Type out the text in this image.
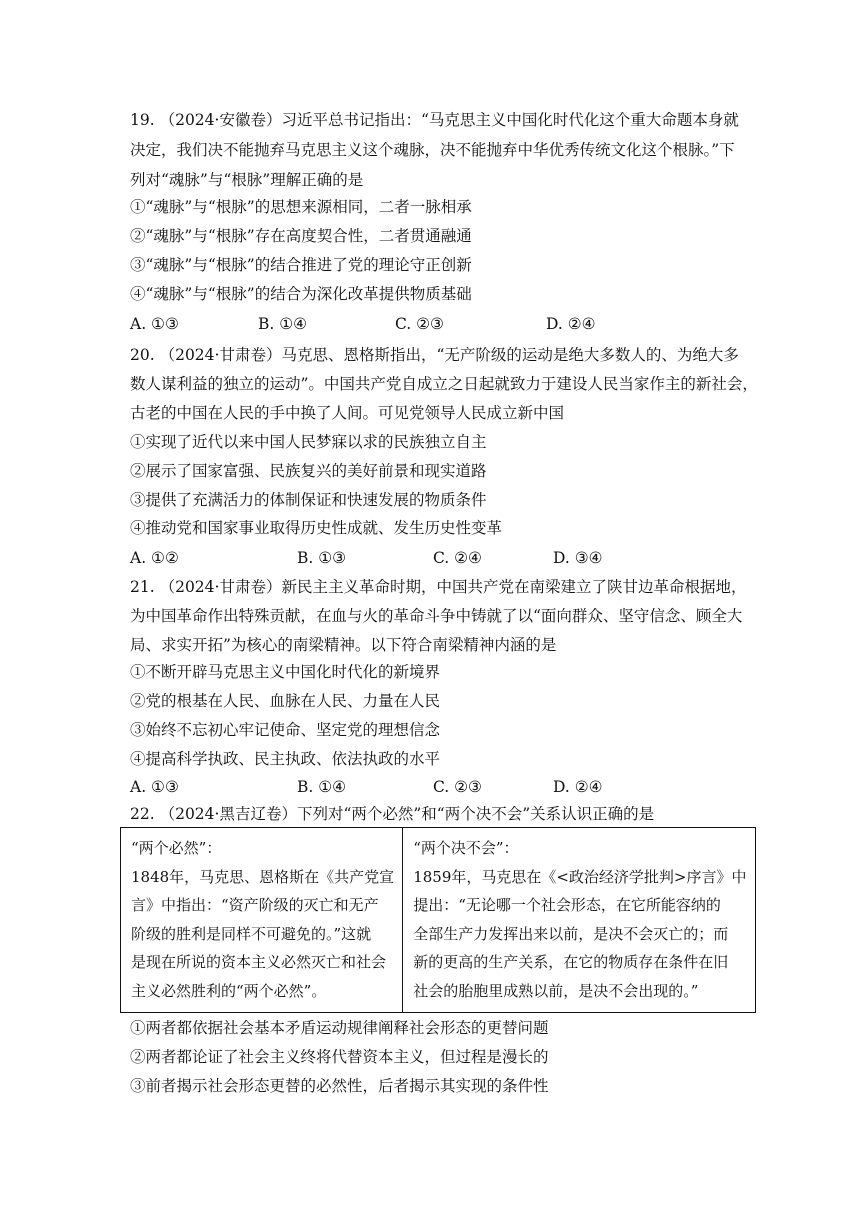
19. （2024·安徽卷）习近平总书记指出：“马克思主义中国化时代化这个重大命题本身就
决定，我们决不能抛弃马克思主义这个魂脉，决不能抛弃中华优秀传统文化这个根脉。”下
列对“魂脉”与“根脉”理解正确的是
①“魂脉”与“根脉”的思想来源相同，二者一脉相承
②“魂脉”与“根脉”存在高度契合性，二者贯通融通
③“魂脉”与“根脉”的结合推进了党的理论守正创新
④“魂脉”与“根脉”的结合为深化改革提供物质基础
A. ①③	B. ①④	C. ②③	D. ②④
20. （2024·甘肃卷）马克思、恩格斯指出，“无产阶级的运动是绝大多数人的、为绝大多
数人谋利益的独立的运动”。中国共产党自成立之日起就致力于建设人民当家作主的新社会，
古老的中国在人民的手中换了人间。可见党领导人民成立新中国
①实现了近代以来中国人民梦寐以求的民族独立自主
②展示了国家富强、民族复兴的美好前景和现实道路
③提供了充满活力的体制保证和快速发展的物质条件
④推动党和国家事业取得历史性成就、发生历史性变革
A. ①②	B. ①③	C. ②④	D. ③④
21. （2024·甘肃卷）新民主主义革命时期，中国共产党在南梁建立了陕甘边革命根据地，
为中国革命作出特殊贡献，在血与火的革命斗争中铸就了以“面向群众、坚守信念、顾全大
局、求实开拓”为核心的南梁精神。以下符合南梁精神内涵的是
①不断开辟马克思主义中国化时代化的新境界
②党的根基在人民、血脉在人民、力量在人民
③始终不忘初心牢记使命、坚定党的理想信念
④提高科学执政、民主执政、依法执政的水平
A. ①③	B. ①④	C. ②③	D. ②④
22. （2024·黑吉辽卷）下列对“两个必然”和“两个决不会”关系认识正确的是
“两个必然”：
1848年，马克思、恩格斯在《共产党宣
言》中指出：“资产阶级的灭亡和无产
阶级的胜利是同样不可避免的。”这就
是现在所说的资本主义必然灭亡和社会
主义必然胜利的“两个必然”。

“两个决不会”：
1859年，马克思在《<政治经济学批判>序言》中
提出：“无论哪一个社会形态，在它所能容纳的
全部生产力发挥出来以前，是决不会灭亡的；而
新的更高的生产关系，在它的物质存在条件在旧
社会的胎胞里成熟以前，是决不会出现的。”
①两者都依据社会基本矛盾运动规律阐释社会形态的更替问题
②两者都论证了社会主义终将代替资本主义，但过程是漫长的
③前者揭示社会形态更替的必然性，后者揭示其实现的条件性
